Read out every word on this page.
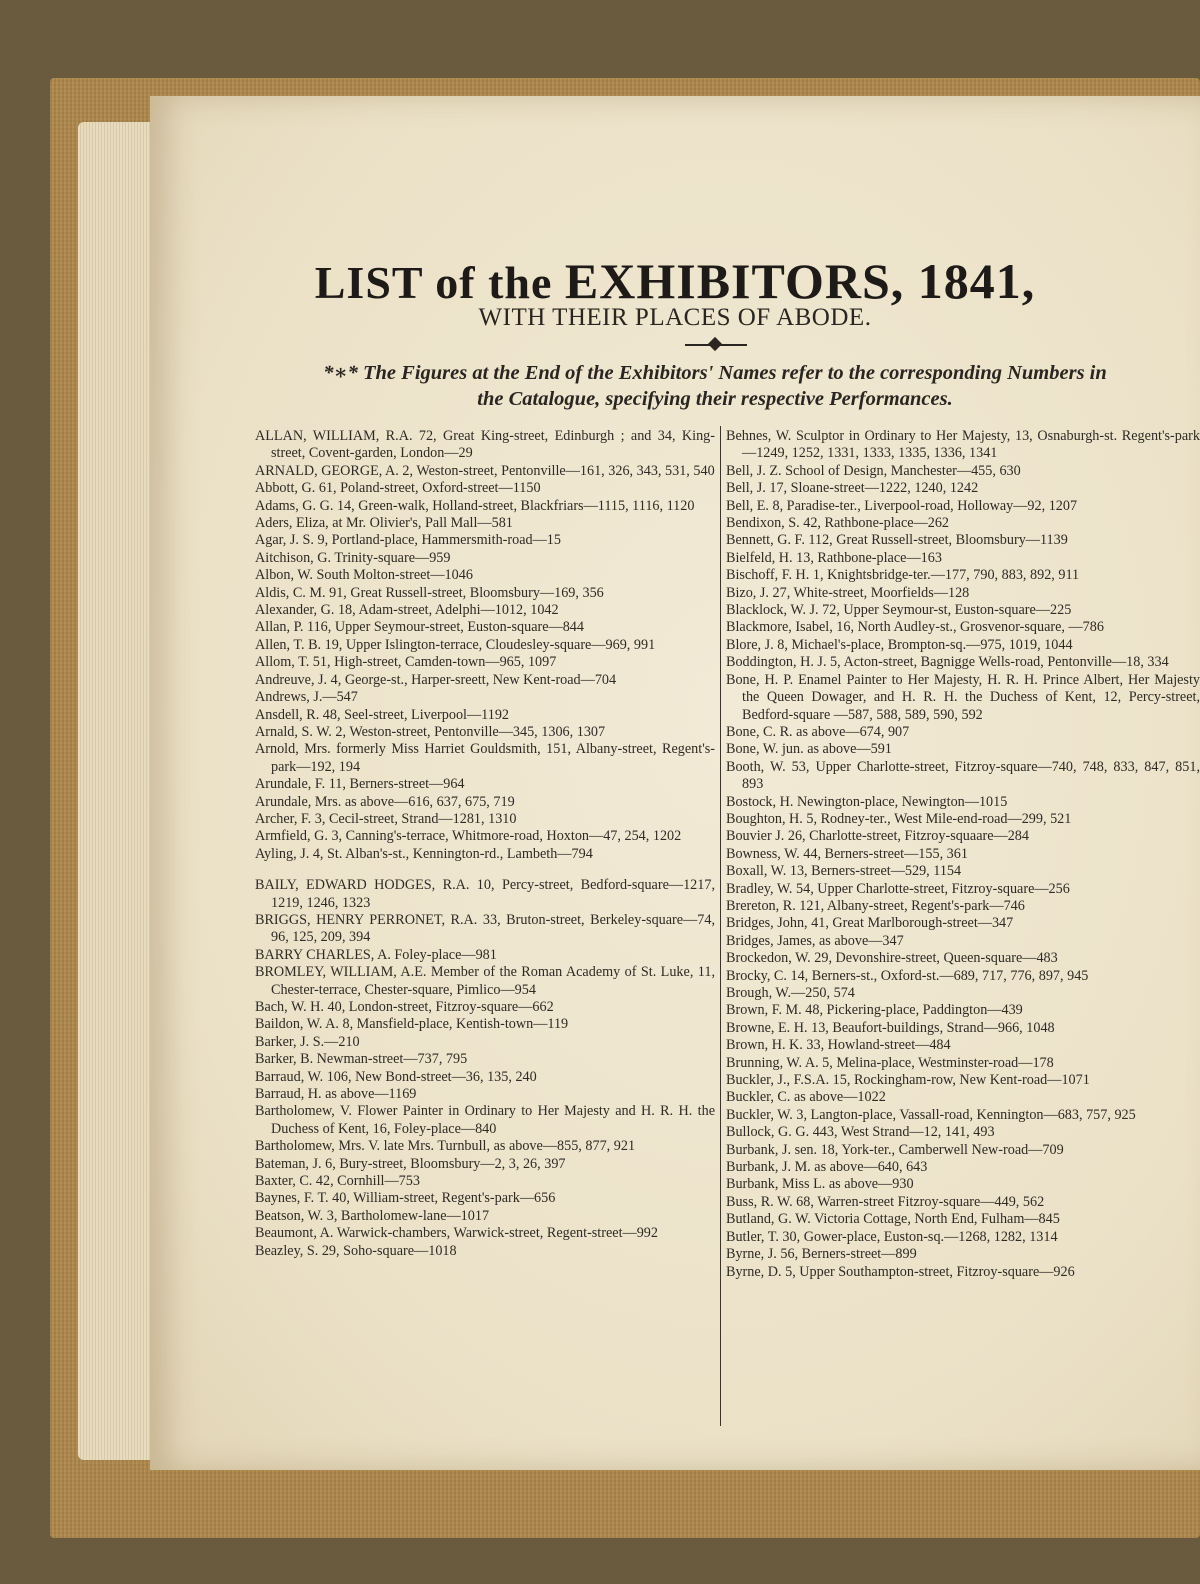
LIST of the EXHIBITORS, 1841,
WITH THEIR PLACES OF ABODE.
*∗* The Figures at the End of the Exhibitors' Names refer to the corresponding Numbers in
the Catalogue, specifying their respective Performances.
ALLAN, WILLIAM, R.A. 72, Great King-street, Edinburgh ; and 34, King-street, Covent-garden, London—29
ARNALD, GEORGE, A. 2, Weston-street, Pentonville—161, 326, 343, 531, 540
Abbott, G. 61, Poland-street, Oxford-street—1150
Adams, G. G. 14, Green-walk, Holland-street, Blackfriars—1115, 1116, 1120
Aders, Eliza, at Mr. Olivier's, Pall Mall—581
Agar, J. S. 9, Portland-place, Hammersmith-road—15
Aitchison, G. Trinity-square—959
Albon, W. South Molton-street—1046
Aldis, C. M. 91, Great Russell-street, Bloomsbury—169, 356
Alexander, G. 18, Adam-street, Adelphi—1012, 1042
Allan, P. 116, Upper Seymour-street, Euston-square—844
Allen, T. B. 19, Upper Islington-terrace, Cloudesley-square—969, 991
Allom, T. 51, High-street, Camden-town—965, 1097
Andreuve, J. 4, George-st., Harper-sreett, New Kent-road—704
Andrews, J.—547
Ansdell, R. 48, Seel-street, Liverpool—1192
Arnald, S. W. 2, Weston-street, Pentonville—345, 1306, 1307
Arnold, Mrs. formerly Miss Harriet Gouldsmith, 151, Albany-street, Regent's-park—192, 194
Arundale, F. 11, Berners-street—964
Arundale, Mrs. as above—616, 637, 675, 719
Archer, F. 3, Cecil-street, Strand—1281, 1310
Armfield, G. 3, Canning's-terrace, Whitmore-road, Hoxton—47, 254, 1202
Ayling, J. 4, St. Alban's-st., Kennington-rd., Lambeth—794
BAILY, EDWARD HODGES, R.A. 10, Percy-street, Bedford-square—1217, 1219, 1246, 1323
BRIGGS, HENRY PERRONET, R.A. 33, Bruton-street, Berkeley-square—74, 96, 125, 209, 394
BARRY CHARLES, A. Foley-place—981
BROMLEY, WILLIAM, A.E. Member of the Roman Academy of St. Luke, 11, Chester-terrace, Chester-square, Pimlico—954
Bach, W. H. 40, London-street, Fitzroy-square—662
Baildon, W. A. 8, Mansfield-place, Kentish-town—119
Barker, J. S.—210
Barker, B. Newman-street—737, 795
Barraud, W. 106, New Bond-street—36, 135, 240
Barraud, H. as above—1169
Bartholomew, V. Flower Painter in Ordinary to Her Majesty and H. R. H. the Duchess of Kent, 16, Foley-place—840
Bartholomew, Mrs. V. late Mrs. Turnbull, as above—855, 877, 921
Bateman, J. 6, Bury-street, Bloomsbury—2, 3, 26, 397
Baxter, C. 42, Cornhill—753
Baynes, F. T. 40, William-street, Regent's-park—656
Beatson, W. 3, Bartholomew-lane—1017
Beaumont, A. Warwick-chambers, Warwick-street, Regent-street—992
Beazley, S. 29, Soho-square—1018
Behnes, W. Sculptor in Ordinary to Her Majesty, 13, Osnaburgh-st. Regent's-park—1249, 1252, 1331, 1333, 1335, 1336, 1341
Bell, J. Z. School of Design, Manchester—455, 630
Bell, J. 17, Sloane-street—1222, 1240, 1242
Bell, E. 8, Paradise-ter., Liverpool-road, Holloway—92, 1207
Bendixon, S. 42, Rathbone-place—262
Bennett, G. F. 112, Great Russell-street, Bloomsbury—1139
Bielfeld, H. 13, Rathbone-place—163
Bischoff, F. H. 1, Knightsbridge-ter.—177, 790, 883, 892, 911
Bizo, J. 27, White-street, Moorfields—128
Blacklock, W. J. 72, Upper Seymour-st, Euston-square—225
Blackmore, Isabel, 16, North Audley-st., Grosvenor-square, —786
Blore, J. 8, Michael's-place, Brompton-sq.—975, 1019, 1044
Boddington, H. J. 5, Acton-street, Bagnigge Wells-road, Pentonville—18, 334
Bone, H. P. Enamel Painter to Her Majesty, H. R. H. Prince Albert, Her Majesty the Queen Dowager, and H. R. H. the Duchess of Kent, 12, Percy-street, Bedford-square —587, 588, 589, 590, 592
Bone, C. R. as above—674, 907
Bone, W. jun. as above—591
Booth, W. 53, Upper Charlotte-street, Fitzroy-square—740, 748, 833, 847, 851, 893
Bostock, H. Newington-place, Newington—1015
Boughton, H. 5, Rodney-ter., West Mile-end-road—299, 521
Bouvier J. 26, Charlotte-street, Fitzroy-squaare—284
Bowness, W. 44, Berners-street—155, 361
Boxall, W. 13, Berners-street—529, 1154
Bradley, W. 54, Upper Charlotte-street, Fitzroy-square—256
Brereton, R. 121, Albany-street, Regent's-park—746
Bridges, John, 41, Great Marlborough-street—347
Bridges, James, as above—347
Brockedon, W. 29, Devonshire-street, Queen-square—483
Brocky, C. 14, Berners-st., Oxford-st.—689, 717, 776, 897, 945
Brough, W.—250, 574
Brown, F. M. 48, Pickering-place, Paddington—439
Browne, E. H. 13, Beaufort-buildings, Strand—966, 1048
Brown, H. K. 33, Howland-street—484
Brunning, W. A. 5, Melina-place, Westminster-road—178
Buckler, J., F.S.A. 15, Rockingham-row, New Kent-road—1071
Buckler, C. as above—1022
Buckler, W. 3, Langton-place, Vassall-road, Kennington—683, 757, 925
Bullock, G. G. 443, West Strand—12, 141, 493
Burbank, J. sen. 18, York-ter., Camberwell New-road—709
Burbank, J. M. as above—640, 643
Burbank, Miss L. as above—930
Buss, R. W. 68, Warren-street Fitzroy-square—449, 562
Butland, G. W. Victoria Cottage, North End, Fulham—845
Butler, T. 30, Gower-place, Euston-sq.—1268, 1282, 1314
Byrne, J. 56, Berners-street—899
Byrne, D. 5, Upper Southampton-street, Fitzroy-square—926
